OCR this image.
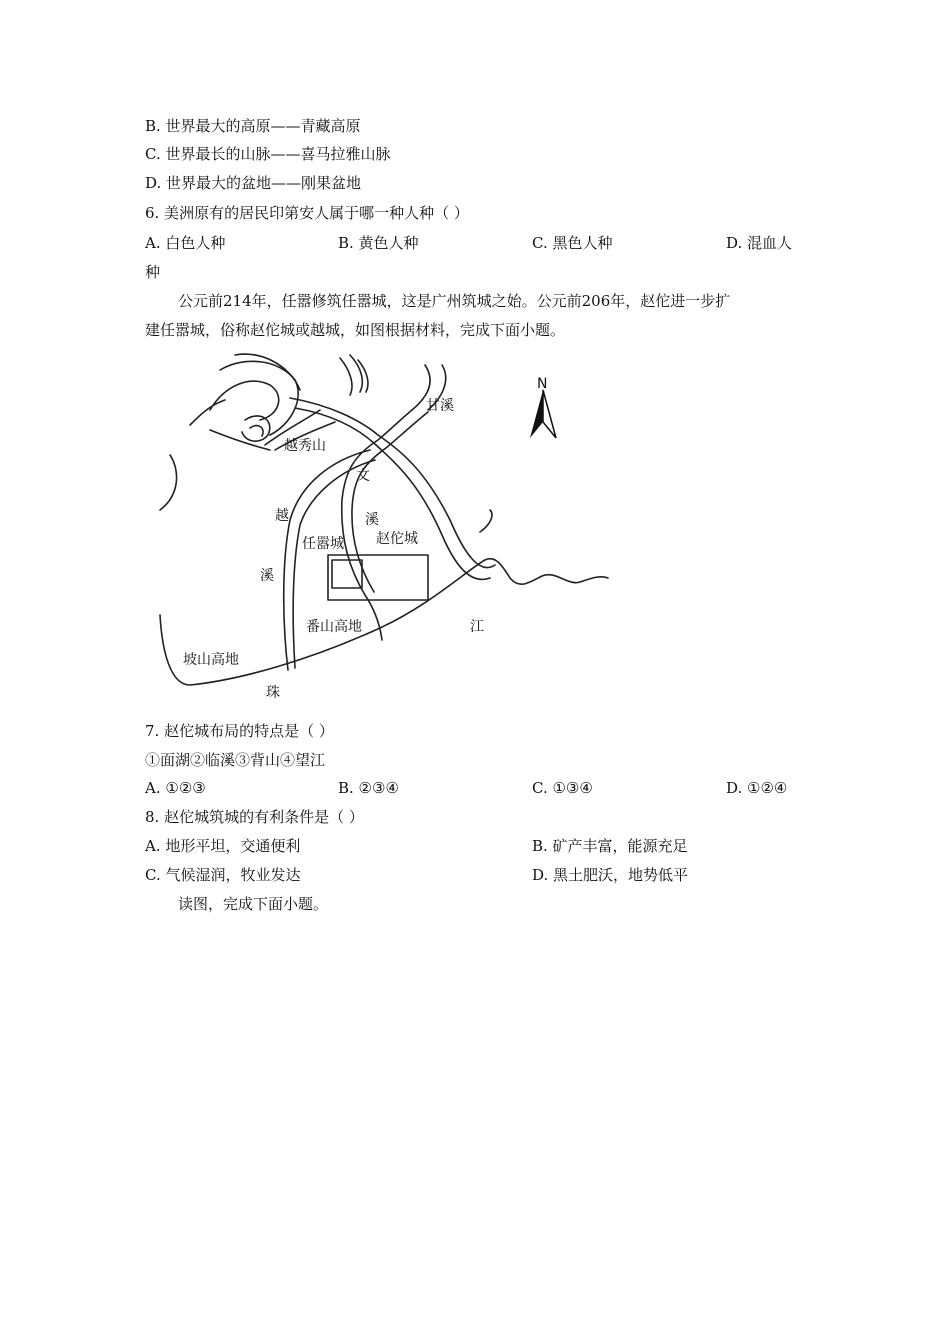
B. 世界最大的高原——青藏高原
C. 世界最长的山脉——喜马拉雅山脉
D. 世界最大的盆地——刚果盆地
6. 美洲原有的居民印第安人属于哪一种人种（ ）
A. 白色人种	B. 黄色人种	C. 黑色人种	D. 混血人
种
公元前214年，任嚣修筑任嚣城，这是广州筑城之始。公元前206年，赵佗进一步扩
建任嚣城，俗称赵佗城或越城，如图根据材料，完成下面小题。
N
甘溪
越秀山
文
溪
越
溪
任嚣城 赵佗城
番山高地
坡山高地
江
珠
7. 赵佗城布局的特点是（ ）
①面湖②临溪③背山④望江
A. ①②③	B. ②③④	C. ①③④	D. ①②④
8. 赵佗城筑城的有利条件是（ ）
A. 地形平坦，交通便利	B. 矿产丰富，能源充足
C. 气候湿润，牧业发达	D. 黑土肥沃，地势低平
读图，完成下面小题。
